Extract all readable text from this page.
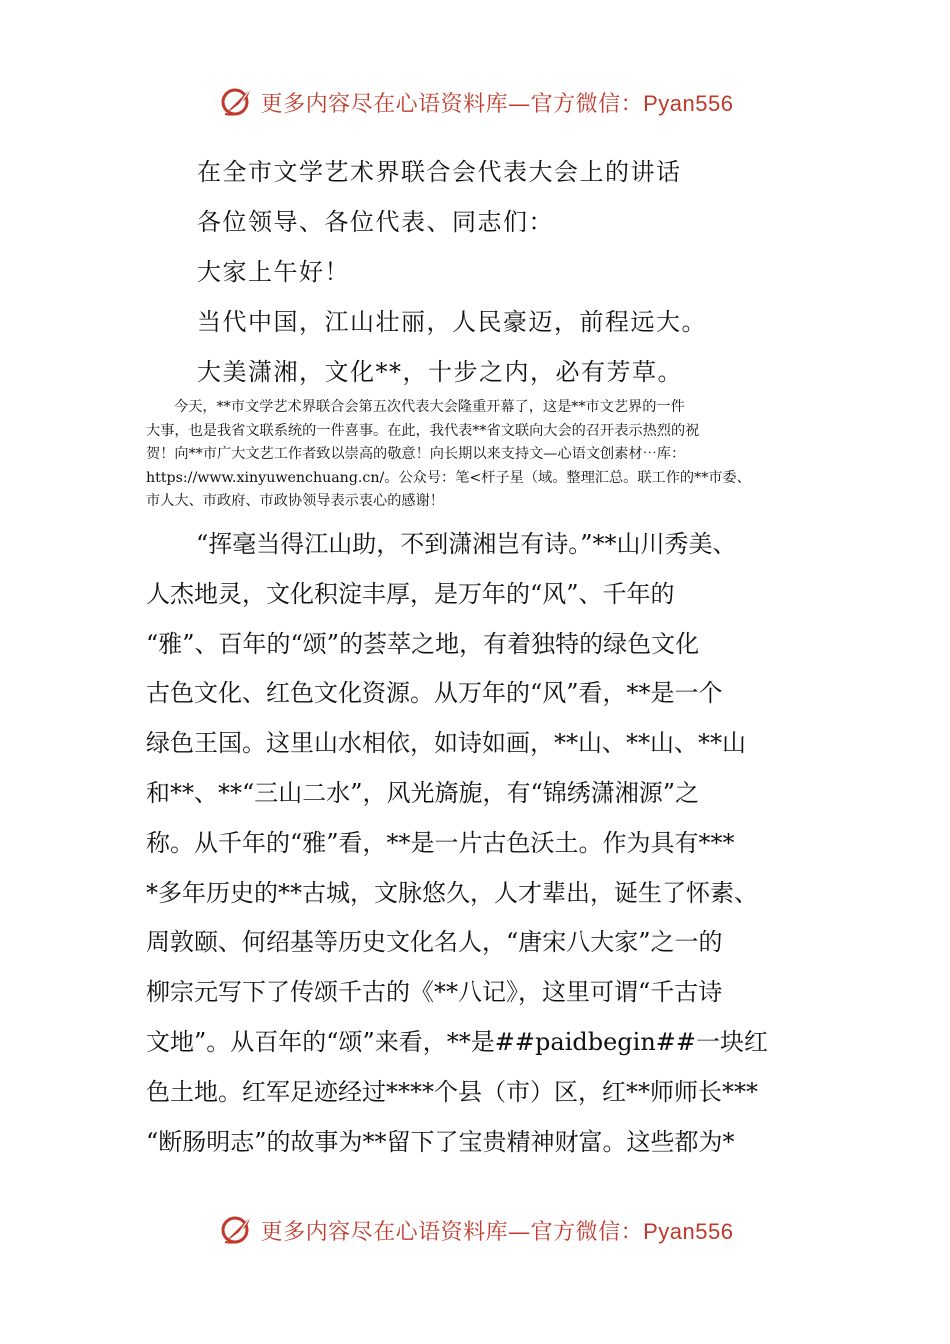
更多内容尽在心语资料库—官方微信：Pyan556

在全市文学艺术界联合会代表大会上的讲话

各位领导、各位代表、同志们：

大家上午好！

当代中国，江山壮丽，人民豪迈，前程远大。

大美潇湘，文化**，十步之内，必有芳草。

今天，**市文学艺术界联合会第五次代表大会隆重开幕了，这是**市文艺界的一件
大事，也是我省文联系统的一件喜事。在此，我代表**省文联向大会的召开表示热烈的祝
贺！向**市广大文艺工作者致以崇高的敬意！向长期以来支持文—心语文创素材⋯库：
https://www.xinyuwenchuang.cn/。公众号：笔<杆子星（域。整理汇总。联工作的**市委、
市人大、市政府、市政协领导表示衷心的感谢！
“挥毫当得江山助，不到潇湘岂有诗。”**山川秀美、
人杰地灵，文化积淀丰厚，是万年的“风”、千年的
“雅”、百年的“颂”的荟萃之地，有着独特的绿色文化
古色文化、红色文化资源。从万年的“风”看，**是一个
绿色王国。这里山水相依，如诗如画，**山、**山、**山
和**、**“三山二水”，风光旖旎，有“锦绣潇湘源”之
称。从千年的“雅”看，**是一片古色沃土。作为具有***
*多年历史的**古城，文脉悠久，人才辈出，诞生了怀素、
周敦颐、何绍基等历史文化名人，“唐宋八大家”之一的
柳宗元写下了传颂千古的《**八记》，这里可谓“千古诗
文地”。从百年的“颂”来看，**是##paidbegin##一块红
色土地。红军足迹经过****个县（市）区，红**师师长***
“断肠明志”的故事为**留下了宝贵精神财富。这些都为*
更多内容尽在心语资料库—官方微信：Pyan556
